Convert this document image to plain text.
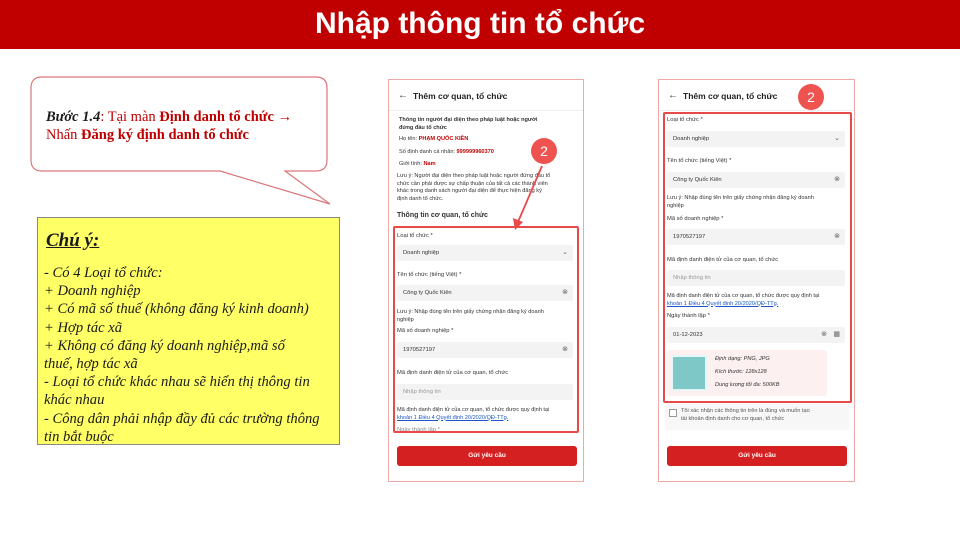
Nhập thông tin tổ chức
Bước 1.4: Tại màn Định danh tổ chức →
Nhấn Đăng ký định danh tổ chức
Chú ý:
- Có 4 Loại tổ chức:
+ Doanh nghiệp
+ Có mã số thuế (không đăng ký kinh doanh)
+ Hợp tác xã
+ Không có đăng ký doanh nghiệp,mã số
thuế, hợp tác xã
- Loại tổ chức khác nhau sẽ hiển thị thông tin
khác nhau
- Công dân phải nhập đầy đủ các trường thông
tin bắt buộc
← Thêm cơ quan, tổ chức
Thông tin người đại diện theo pháp luật hoặc người
đứng đầu tổ chức
Họ tên: PHẠM QUỐC KIÊN
Số định danh cá nhân: 999999960370
Giới tính: Nam
Lưu ý: Người đại diện theo pháp luật hoặc người đứng đầu tổ
chức cần phải được sự chấp thuận của tất cả các thành viên
khác trong danh sách người đại diện để thực hiện đăng ký
định danh tổ chức.
Thông tin cơ quan, tổ chức
Loại tổ chức *
Doanh nghiệp	⌄
Tên tổ chức (tiếng Việt) *
Công ty Quốc Kiên	⊗
Lưu ý: Nhập đúng tên trên giấy chứng nhận đăng ký doanh
nghiệp
Mã số doanh nghiệp *
1970527197	⊗
Mã định danh điện tử của cơ quan, tổ chức
Nhập thông tin
Mã định danh điện tử của cơ quan, tổ chức được quy định tại
khoản 1 Điều 4 Quyết định 20/2020/QĐ-TTg.
Ngày thành lập *
2
Gửi yêu cầu
← Thêm cơ quan, tổ chức	2
Loại tổ chức *
Doanh nghiệp	⌄
Tên tổ chức (tiếng Việt) *
Công ty Quốc Kiên	⊗
Lưu ý: Nhập đúng tên trên giấy chứng nhận đăng ký doanh
nghiệp
Mã số doanh nghiệp *
1970527197	⊗
Mã định danh điện tử của cơ quan, tổ chức
Nhập thông tin
Mã định danh điện tử của cơ quan, tổ chức được quy định tại
khoản 1 Điều 4 Quyết định 20/2020/QĐ-TTg.
Ngày thành lập *
01-12-2023	⊗ ▦
Định dạng: PNG, JPG
Kích thước: 128x128
Dung lượng tối đa: 500KB
Tôi xác nhận các thông tin trên là đúng và muốn tạo
tài khoản định danh cho cơ quan, tổ chức
Gửi yêu cầu
